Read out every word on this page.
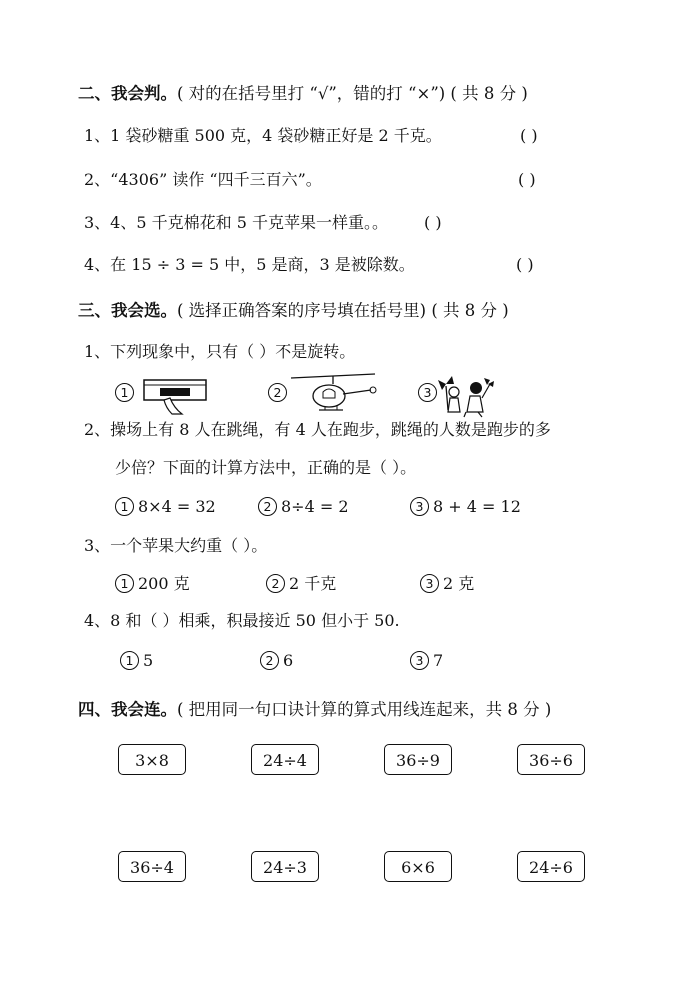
二、我会判。( 对的在括号里打 “√”，错的打 “×”) ( 共 8 分 )
1、1 袋砂糖重 500 克，4 袋砂糖正好是 2 千克。	( )
2、“4306” 读作 “四千三百六”。	( )
3、4、5 千克棉花和 5 千克苹果一样重。。 ( )
4、在 15 ÷ 3 = 5 中，5 是商，3 是被除数。	( )
三、我会选。( 选择正确答案的序号填在括号里) ( 共 8 分 )
1、下列现象中，只有（ ）不是旋转。
1	2	3
2、操场上有 8 人在跳绳，有 4 人在跑步，跳绳的人数是跑步的多
少倍？下面的计算方法中，正确的是（ ）。
1 8×4 = 32	2 8÷4 = 2	3 8 + 4 = 12
3、一个苹果大约重（ ）。
1 200 克	2 2 千克	3 2 克
4、8 和（ ）相乘，积最接近 50 但小于 50.
1 5	2 6	3 7
四、我会连。( 把用同一句口诀计算的算式用线连起来，共 8 分 )
3×8	24÷4	36÷9	36÷6
36÷4	24÷3	6×6	24÷6
